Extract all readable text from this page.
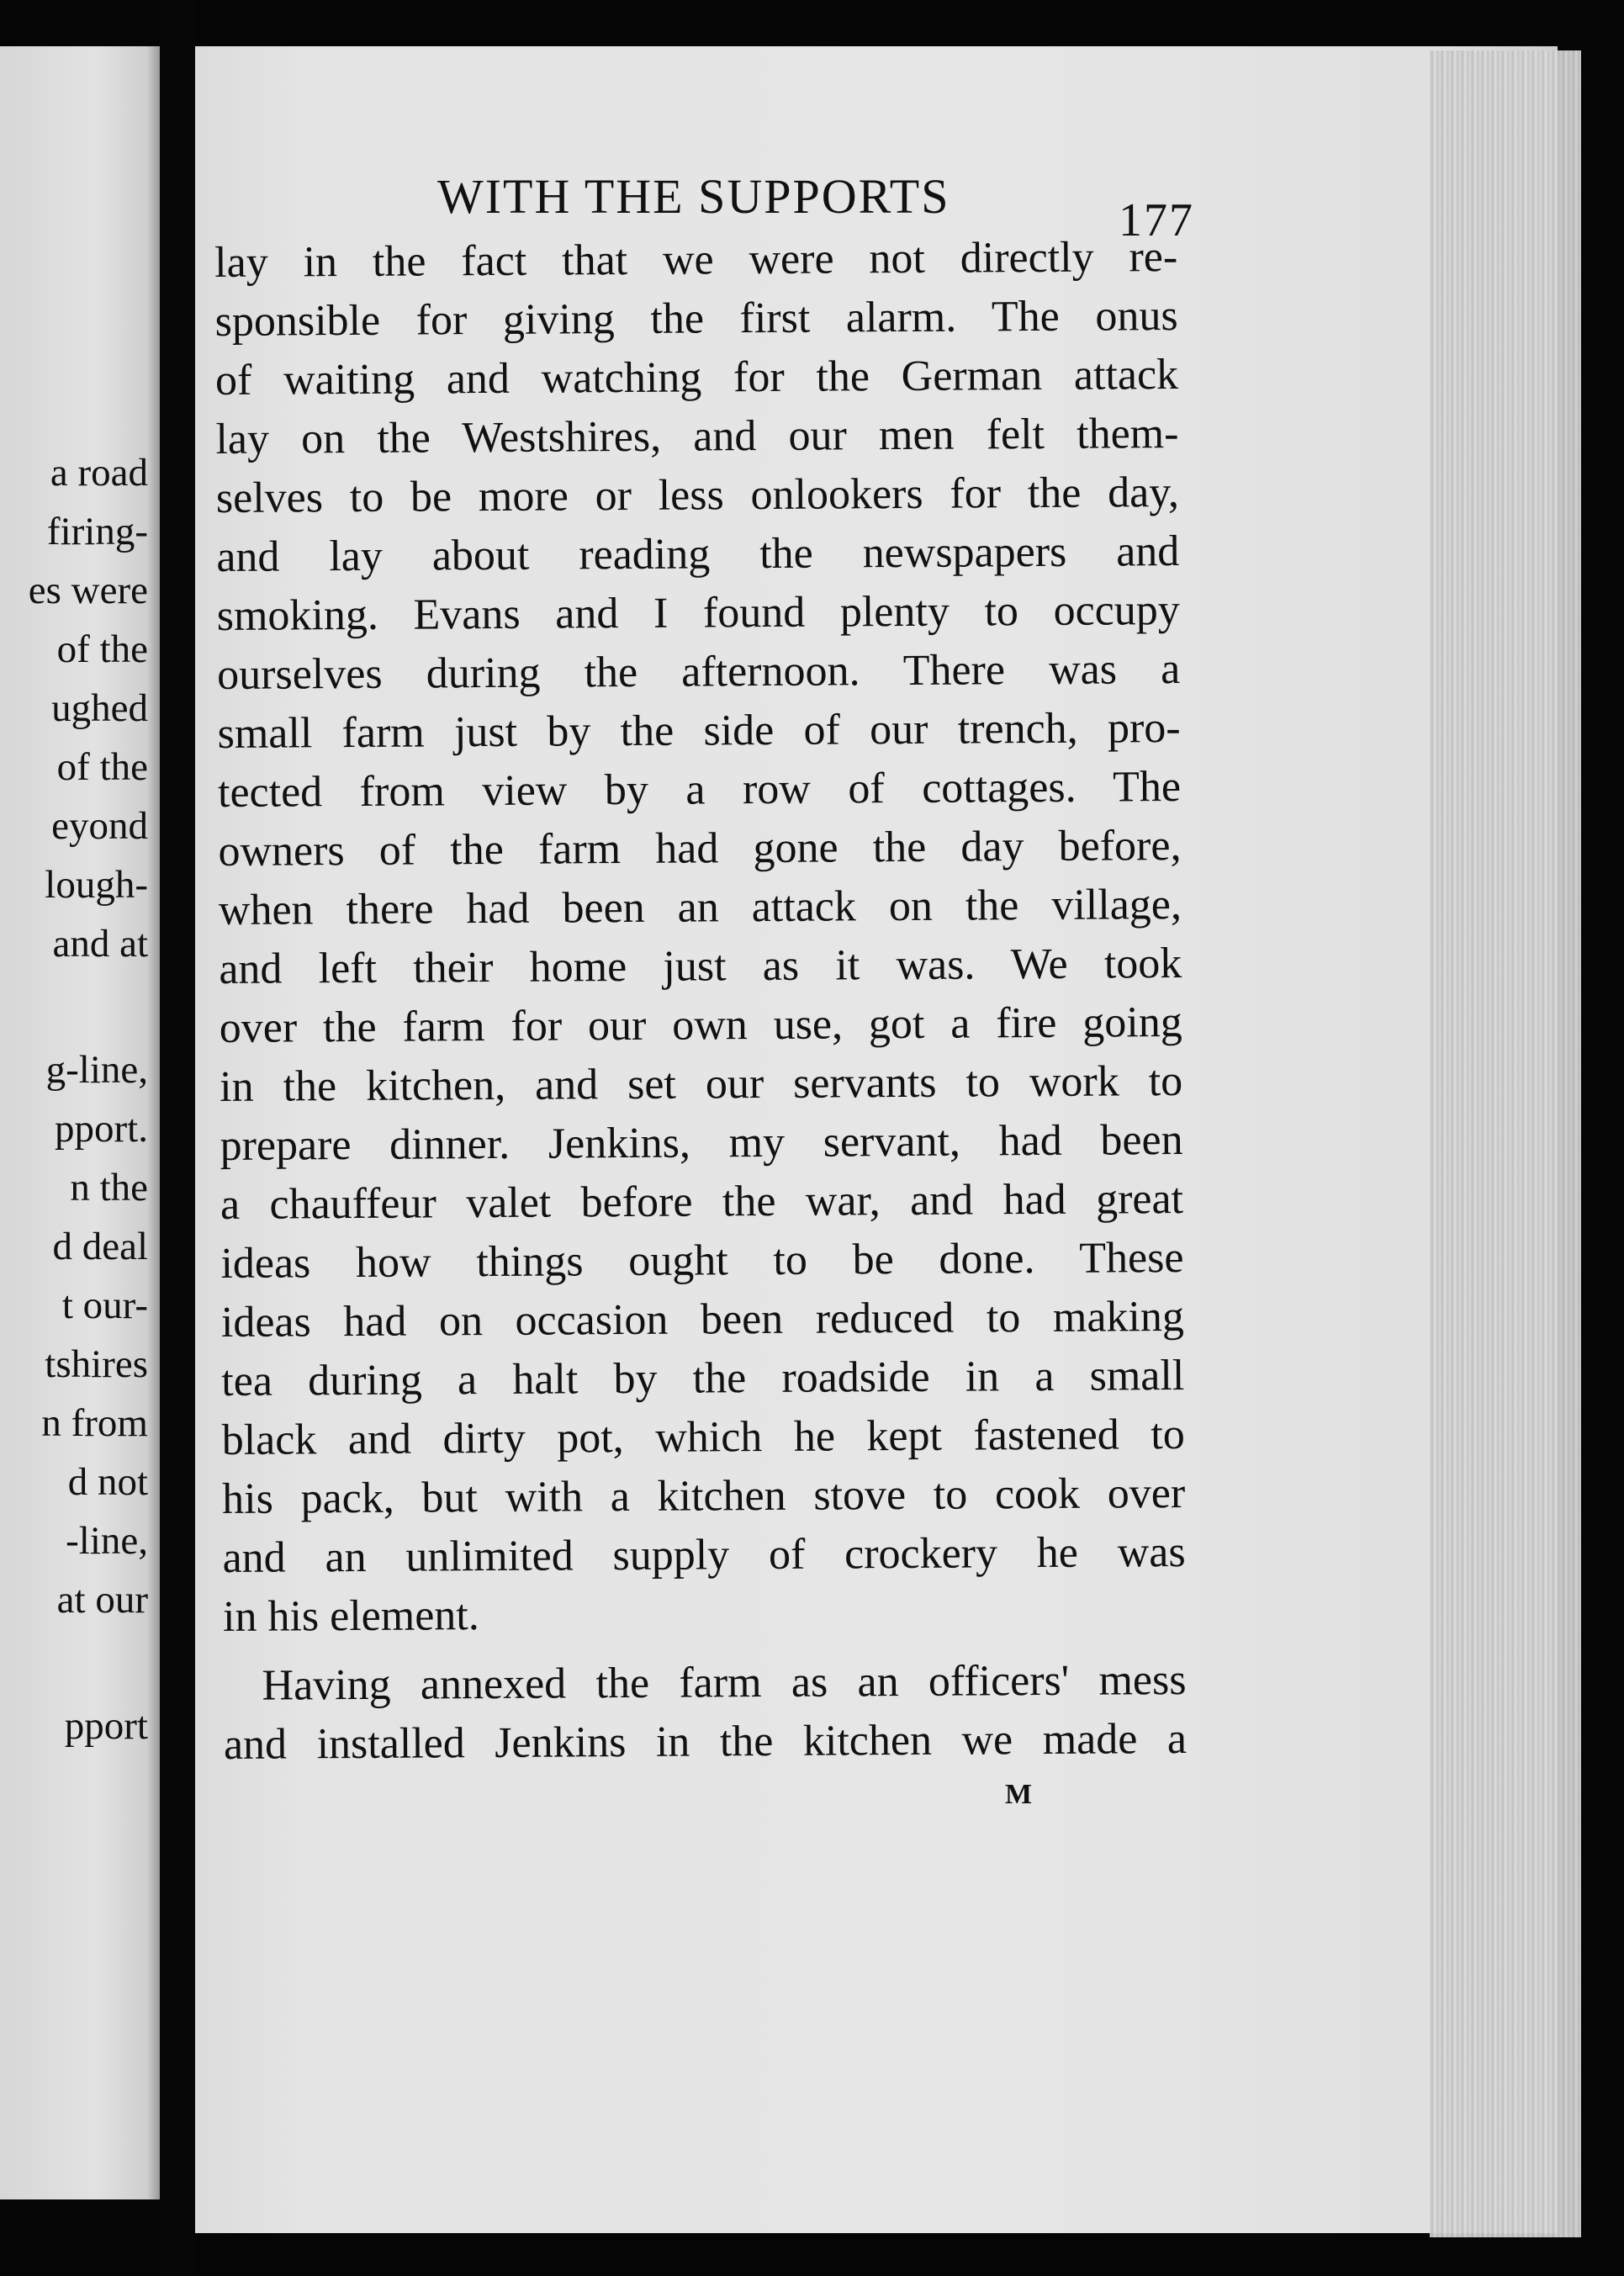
a road
firing-
es were
of the
ughed
of the
eyond
lough-
and at
g-line,
pport.
n the
d deal
t our-
tshires
n from
d not
-line,
at our
pport
WITH THE SUPPORTS	177
lay in the fact that we were not directly re-
sponsible for giving the first alarm. The onus
of waiting and watching for the German attack
lay on the Westshires, and our men felt them-
selves to be more or less onlookers for the day,
and lay about reading the newspapers and
smoking. Evans and I found plenty to occupy
ourselves during the afternoon. There was a
small farm just by the side of our trench, pro-
tected from view by a row of cottages. The
owners of the farm had gone the day before,
when there had been an attack on the village,
and left their home just as it was. We took
over the farm for our own use, got a fire going
in the kitchen, and set our servants to work to
prepare dinner. Jenkins, my servant, had been
a chauffeur valet before the war, and had great
ideas how things ought to be done. These
ideas had on occasion been reduced to making
tea during a halt by the roadside in a small
black and dirty pot, which he kept fastened to
his pack, but with a kitchen stove to cook over
and an unlimited supply of crockery he was
in his element.
Having annexed the farm as an officers' mess
and installed Jenkins in the kitchen we made a
M
